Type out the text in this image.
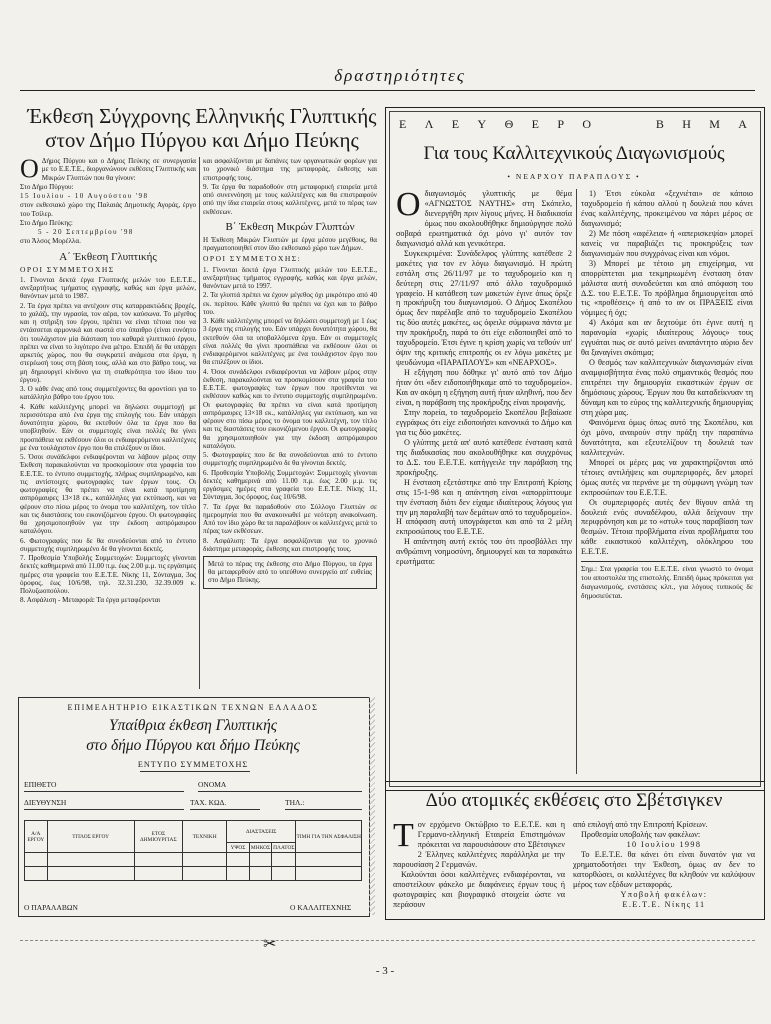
δραστηριότητες
Έκθεση Σύγχρονης Ελληνικής Γλυπτικής στον Δήμο Πύργου και Δήμο Πεύκης
Ο Δήμος Πύργου και ο Δήμος Πεύκης σε συνεργασία με το Ε.Ε.Τ.Ε., διοργανώνουν εκθέσεις Γλυπτικής και Μικρών Γλυπτών που θα γίνουν:

Στο Δήμο Πύργου:

15 Ιουλίου - 10 Αυγούστου '98

στον εκθεσιακό χώρο της Παλαιάς Δημοτικής Αγοράς, έργο του Τσίλερ.

Στο Δήμο Πεύκης:

5 - 20 Σεπτεμβρίου '98

στο Άλσος Μορέλλα.

Α΄ Έκθεση Γλυπτικής
ΟΡΟΙ ΣΥΜΜΕΤΟΧΗΣ

1. Γίνονται δεκτά έργα Γλυπτικής μελών του Ε.Ε.Τ.Ε., ανεξαρτήτως τμήματος εγγραφής, καθώς και έργα μελών, θανόντων μετά το 1987.

2. Τα έργα πρέπει να αντέχουν στις καταρρακτώδεις βροχές, το χαλάζι, την υγρασία, τον αέρα, τον καύσωνα. Το μέγεθος και η στήριξη του έργου, πρέπει να είναι τέτοια που να εντάσσεται αρμονικά και σωστά στο ύπαιθρο (είναι ευνόητο ότι τουλάχιστον μία διάσταση του καθαρά γλυπτικού έργου, πρέπει να είναι το λιγότερο ένα μέτρο. Επειδή δε θα υπάρχει αρκετός χώρος, που θα συγκρατεί ανάμεσα στα έργα, η στερέωσή τους στη βάση τους, αλλά και στο βάθρο τους, να μη δημιουργεί κίνδυνο για τη σταθερότητα του ίδιου του έργου).

3. Ο κάθε ένας από τους συμμετέχοντες θα φροντίσει για το κατάλληλο βάθρο του έργου του.

4. Κάθε καλλιτέχνης μπορεί να δηλώσει συμμετοχή με περισσότερα από ένα έργα της επιλογής του. Εάν υπάρχει δυνατότητα χώρου, θα εκτεθούν όλα τα έργα που θα υποβληθούν. Εάν οι συμμετοχές είναι πολλές θα γίνει προσπάθεια να εκθέσουν όλοι οι ενδιαφερόμενοι καλλιτέχνες με ένα τουλάχιστον έργο που θα επιλέξουν οι ίδιοι.

5. Όσοι συνάδελφοι ενδιαφέρονται να λάβουν μέρος στην Έκθεση παρακαλούνται να προσκομίσουν στα γραφεία του Ε.Ε.Τ.Ε. το έντυπο συμμετοχής, πλήρως συμπληρωμένο, και τις αντίστοιχες φωτογραφίες των έργων τους. Οι φωτογραφίες θα πρέπει να είναι κατά προτίμηση ασπρόμαυρες 13×18 εκ., κατάλληλες για εκτύπωση, και να φέρουν στο πίσω μέρος το όνομα του καλλιτέχνη, τον τίτλο και τις διαστάσεις του εικονιζόμενου έργου. Οι φωτογραφίες θα χρησιμοποιηθούν για την έκδοση ασπρόμαυρου καταλόγου.

6. Φωτογραφίες που δε θα συνοδεύονται από το έντυπο συμμετοχής συμπληρωμένο δε θα γίνονται δεκτές.

7. Προθεσμία Υποβολής Συμμετοχών: Συμμετοχές γίνονται δεκτές καθημερινά από 11.00 π.μ. έως 2.00 μ.μ. τις εργάσιμες ημέρες στα γραφεία του Ε.Ε.Τ.Ε. Νίκης 11, Σύνταγμα, 3ος όροφος, έως 10/6/98, τηλ. 32.31.230, 32.39.009 κ. Πολυζωοπούλου.

8. Ασφάλιση - Μεταφορά: Τα έργα μεταφέρονται

και ασφαλίζονται με δαπάνες των οργανωτικών φορέων για το χρονικό διάστημα της μεταφοράς, έκθεσης και επιστροφής τους.

9. Τα έργα θα παραδοθούν στη μεταφορική εταιρεία μετά από συνεννόηση με τους καλλιτέχνες και θα επιστραφούν από την ίδια εταιρεία στους καλλιτέχνες, μετά το πέρας των εκθέσεων.

Β΄ Έκθεση Μικρών Γλυπτών

Η Έκθεση Μικρών Γλυπτών με έργα μέσου μεγέθους, θα πραγματοποιηθεί στον ίδιο εκθεσιακό χώρο των Δήμων.

ΟΡΟΙ ΣΥΜΜΕΤΟΧΗΣ:

1. Γίνονται δεκτά έργα Γλυπτικής μελών του Ε.Ε.Τ.Ε., ανεξαρτήτως τμήματος εγγραφής, καθώς και έργα μελών, θανόντων μετά το 1997.

2. Τα γλυπτά πρέπει να έχουν μέγεθος όχι μικρότερο από 40 εκ. περίπου. Κάθε γλυπτό θα πρέπει να έχει και το βάθρο του.

3. Κάθε καλλιτέχνης μπορεί να δηλώσει συμμετοχή με 1 έως 3 έργα της επιλογής του. Εάν υπάρχει δυνατότητα χώρου, θα εκτεθούν όλα τα υποβαλλόμενα έργα. Εάν οι συμμετοχές είναι πολλές θα γίνει προσπάθεια να εκθέσουν όλοι οι ενδιαφερόμενοι καλλιτέχνες με ένα τουλάχιστον έργο που θα επιλέξουν οι ίδιοι.

4. Όσοι συνάδελφοι ενδιαφέρονται να λάβουν μέρος στην έκθεση, παρακαλούνται να προσκομίσουν στα γραφεία του Ε.Ε.Τ.Ε. φωτογραφίες των έργων που προτίθενται να εκθέσουν καθώς και το έντυπο συμμετοχής συμπληρωμένο. Οι φωτογραφίες θα πρέπει να είναι κατά προτίμηση ασπρόμαυρες 13×18 εκ., κατάλληλες για εκτύπωση, και να φέρουν στο πίσω μέρος το όνομα του καλλιτέχνη, τον τίτλο και τις διαστάσεις του εικονιζόμενου έργου. Οι φωτογραφίες θα χρησιμοποιηθούν για την έκδοση ασπρόμαυρου καταλόγου.

5. Φωτογραφίες που δε θα συνοδεύονται από το έντυπο συμμετοχής συμπληρωμένο δε θα γίνονται δεκτές.

6. Προθεσμία Υποβολής Συμμετοχών: Συμμετοχές γίνονται δεκτές καθημερινά από 11.00 π.μ. έως 2.00 μ.μ. τις εργάσιμες ημέρες στα γραφεία του Ε.Ε.Τ.Ε. Νίκης 11, Σύνταγμα, 3ος όροφος, έως 10/6/98.

7. Τα έργα θα παραδοθούν στο Σύλλογο Γλυπτών σε ημερομηνία που θα ανακοινωθεί με νεότερη ανακοίνωση. Από τον ίδιο χώρο θα τα παραλάβουν οι καλλιτέχνες μετά το πέρας των εκθέσεων.

8. Ασφάλιση: Τα έργα ασφαλίζονται για το χρονικό διάστημα μεταφοράς, έκθεσης και επιστροφής τους.

Μετά το πέρας της έκθεσης στο Δήμο Πύργου, τα έργα θα μεταφερθούν από το υπεύθυνο συνεργείο απ' ευθείας στο Δήμο Πεύκης.
Ε Λ Ε Υ Θ Ε Ρ Ο	Β Η Μ Α
Για τους Καλλιτεχνικούς Διαγωνισμούς
• ΝΕΑΡΧΟΥ ΠΑΡΑΠΛΟΥΣ •
Ο διαγωνισμός γλυπτικής με θέμα «ΑΓΝΩΣΤΟΣ ΝΑΥΤΗΣ» στη Σκόπελο, διενεργήθη πριν λίγους μήνες. Η διαδικασία όμως που ακολουθήθηκε δημιούργησε πολύ σοβαρά ερωτηματικά όχι μόνο γι' αυτόν τον διαγωνισμό αλλά και γενικότερα.

Συγκεκριμένα: Συνάδελφος γλύπτης κατέθεσε 2 μακέτες για τον εν λόγω διαγωνισμό. Η πρώτη εστάλη στις 26/11/97 με το ταχυδρομείο και η δεύτερη στις 27/11/97 από άλλο ταχυδρομικό γραφείο. Η κατάθεση των μακετών έγινε όπως όριζε η προκήρυξη του διαγωνισμού. Ο Δήμος Σκοπέλου όμως δεν παρέλαβε από το ταχυδρομείο Σκοπέλου τις δύο αυτές μακέτες, ως όφειλε σύμφωνα πάντα με την προκήρυξη, παρά το ότι είχε ειδοποιηθεί από το ταχυδρομείο. Έτσι έγινε η κρίση χωρίς να τεθούν υπ' όψιν της κριτικής επιτροπής οι εν λόγω μακέτες με ψευδώνυμα «ΠΑΡΑΠΛΟΥΣ» και «ΝΕΑΡΧΟΣ».

Η εξήγηση που δόθηκε γι' αυτό από τον Δήμο ήταν ότι «δεν ειδοποιήθηκαμε από το ταχυδρομείο». Και αν ακόμη η εξήγηση αυτή ήταν αληθινή, που δεν είναι, η παράβαση της προκήρυξης είναι προφανής.

Στην πορεία, το ταχυδρομείο Σκοπέλου βεβαίωσε εγγράφως ότι είχε ειδοποιήσει κανονικά το Δήμο και για τις δύο μακέτες.

Ο γλύπτης μετά απ' αυτό κατέθεσε ένσταση κατά της διαδικασίας που ακολουθήθηκε και συγχρόνως το Δ.Σ. του Ε.Ε.Τ.Ε. κατήγγειλε την παράβαση της προκήρυξης.

Η ένσταση εξετάστηκε από την Επιτροπή Κρίσης στις 15-1-98 και η απάντηση είναι «απορρίπτουμε την ένσταση διότι δεν είχαμε ιδιαίτερους λόγους για την μη παραλαβή των δεμάτων από το ταχυδρομείο». Η απόφαση αυτή υπογράφεται και από τα 2 μέλη εκπροσώπους του Ε.Ε.Τ.Ε.

Η απάντηση αυτή εκτός του ότι προσβάλλει την ανθρώπινη νοημοσύνη, δημιουργεί και τα παρακάτω ερωτήματα:

1) Έτσι εύκολα «ξεχνιέται» σε κάποιο ταχυδρομείο ή κάπου αλλού η δουλειά που κάνει ένας καλλιτέχνης, προκειμένου να πάρει μέρος σε διαγωνισμό;

2) Με πόση «αφέλεια» ή «απερισκεψία» μπορεί κανείς να παραβιάζει τις προκηρύξεις των διαγωνισμών που συγχρόνως είναι και νόμοι.

3) Μπορεί με τέτοιο μη επιχείρημα, να απορρίπτεται μια τεκμηριωμένη ένσταση όταν μάλιστα αυτή συνοδεύεται και από απόφαση του Δ.Σ. του Ε.Ε.Τ.Ε. Το πρόβλημα δημιουργείται από τις «προθέσεις» ή από το αν οι ΠΡΑΞΕΙΣ είναι νόμιμες ή όχι;

4) Ακόμα και αν δεχτούμε ότι έγινε αυτή η παρανομία «χωρίς ιδιαίτερους λόγους» τους εγγυάται πως σε αυτό μείνει αναπάντητο αύριο δεν θα ξαναγίνει σκόπιμα;

Ο θεσμός των καλλιτεχνικών διαγωνισμών είναι αναμφισβήτητα ένας πολύ σημαντικός θεσμός που επιτρέπει την δημιουργία εικαστικών έργων σε δημόσιους χώρους. Έργων που θα καταδείκνυαν τη δύναμη και το εύρος της καλλιτεχνικής δημιουργίας στη χώρα μας.

Φαινόμενα όμως όπως αυτό της Σκοπέλου, και όχι μόνο, αναιρούν στην πράξη την παραπάνω δυνατότητα, και εξευτελίζουν τη δουλειά των καλλιτεχνών.

Μπορεί οι μέρες μας να χαρακτηρίζονται από τέτοιες αντιλήψεις και συμπεριφορές, δεν μπορεί όμως αυτές να περνάνε με τη σύμφωνη γνώμη των εκπροσώπων του Ε.Ε.Τ.Ε.

Οι συμπεριφορές αυτές δεν θίγουν απλά τη δουλειά ενός συναδέλφου, αλλά δείχνουν την περιφρόνηση και με το «στυλ» τους παραβίαση των θεσμών. Τέτοια προβλήματα είναι προβλήματα του κάθε εικαστικού καλλιτέχνη, ολόκληρου του Ε.Ε.Τ.Ε.

Σημ.: Στα γραφεία του Ε.Ε.Τ.Ε. είναι γνωστό το όνομα του αποστολέα της επιστολής. Επειδή όμως πρόκειται για διαγωνισμούς, ενστάσεις κλπ., για λόγους τυπικούς δε δημοσιεύεται.

ΕΠΙΜΕΛΗΤΗΡΙΟ ΕΙΚΑΣΤΙΚΩΝ ΤΕΧΝΩΝ ΕΛΛΑΔΟΣ
Υπαίθρια έκθεση Γλυπτικής
στο δήμο Πύργου και δήμο Πεύκης
ΕΝΤΥΠΟ ΣΥΜΜΕΤΟΧΗΣ
ΕΠΙΘΕΤΟ	ΟΝΟΜΑ
ΔΙΕΥΘΥΝΣΗ	ΤΑΧ. ΚΩΔ.	ΤΗΛ.:
Α/Α ΕΡΓΟΥ	ΤΙΤΛΟΣ ΕΡΓΟΥ	ΕΤΟΣ ΔΗΜΙΟΥΡΓΙΑΣ	ΤΕΧΝΙΚΗ	ΔΙΑΣΤΑΣΕΙΣ			ΤΙΜΗ ΓΙΑ ΤΗΝ ΑΣΦΑΛΙΣΗ
				ΥΨΟΣ	ΜΗΚΟΣ	ΠΛΑΤΟΣ	

Ο ΠΑΡΑΛΑΒΩΝ	Ο ΚΑΛΛΙΤΕΧΝΗΣ
Δύο ατομικές εκθέσεις στο Σβέτσιγκεν
Τ ον ερχόμενο Οκτώβριο το Ε.Ε.Τ.Ε. και η Γερμανο-ελληνική Εταιρεία Επιστημόνων πρόκειται να παρουσιάσουν στο Σβέτσιγκεν 2 Έλληνες καλλιτέχνες παράλληλα με την παρουσίαση 2 Γερμανών.

Καλούνται όσοι καλλιτέχνες ενδιαφέρονται, να αποστείλουν φάκελο με διαφάνειες έργων τους ή φωτογραφίες και βιογραφικό στοιχεία ώστε να περάσουν

από επιλογή από την Επιτροπή Κρίσεων.

Προθεσμία υποβολής των φακέλων:

10 Ιουλίου 1998

Το Ε.Ε.Τ.Ε. θα κάνει ότι είναι δυνατόν για να χρηματοδοτήσει την Έκθεση, όμως αν δεν το κατορθώσει, οι καλλιτέχνες θα κληθούν να καλύψουν μέρος των εξόδων μεταφοράς.

Υποβολή φακέλων:

Ε.Ε.Τ.Ε. Νίκης 11

✂
- 3 -
